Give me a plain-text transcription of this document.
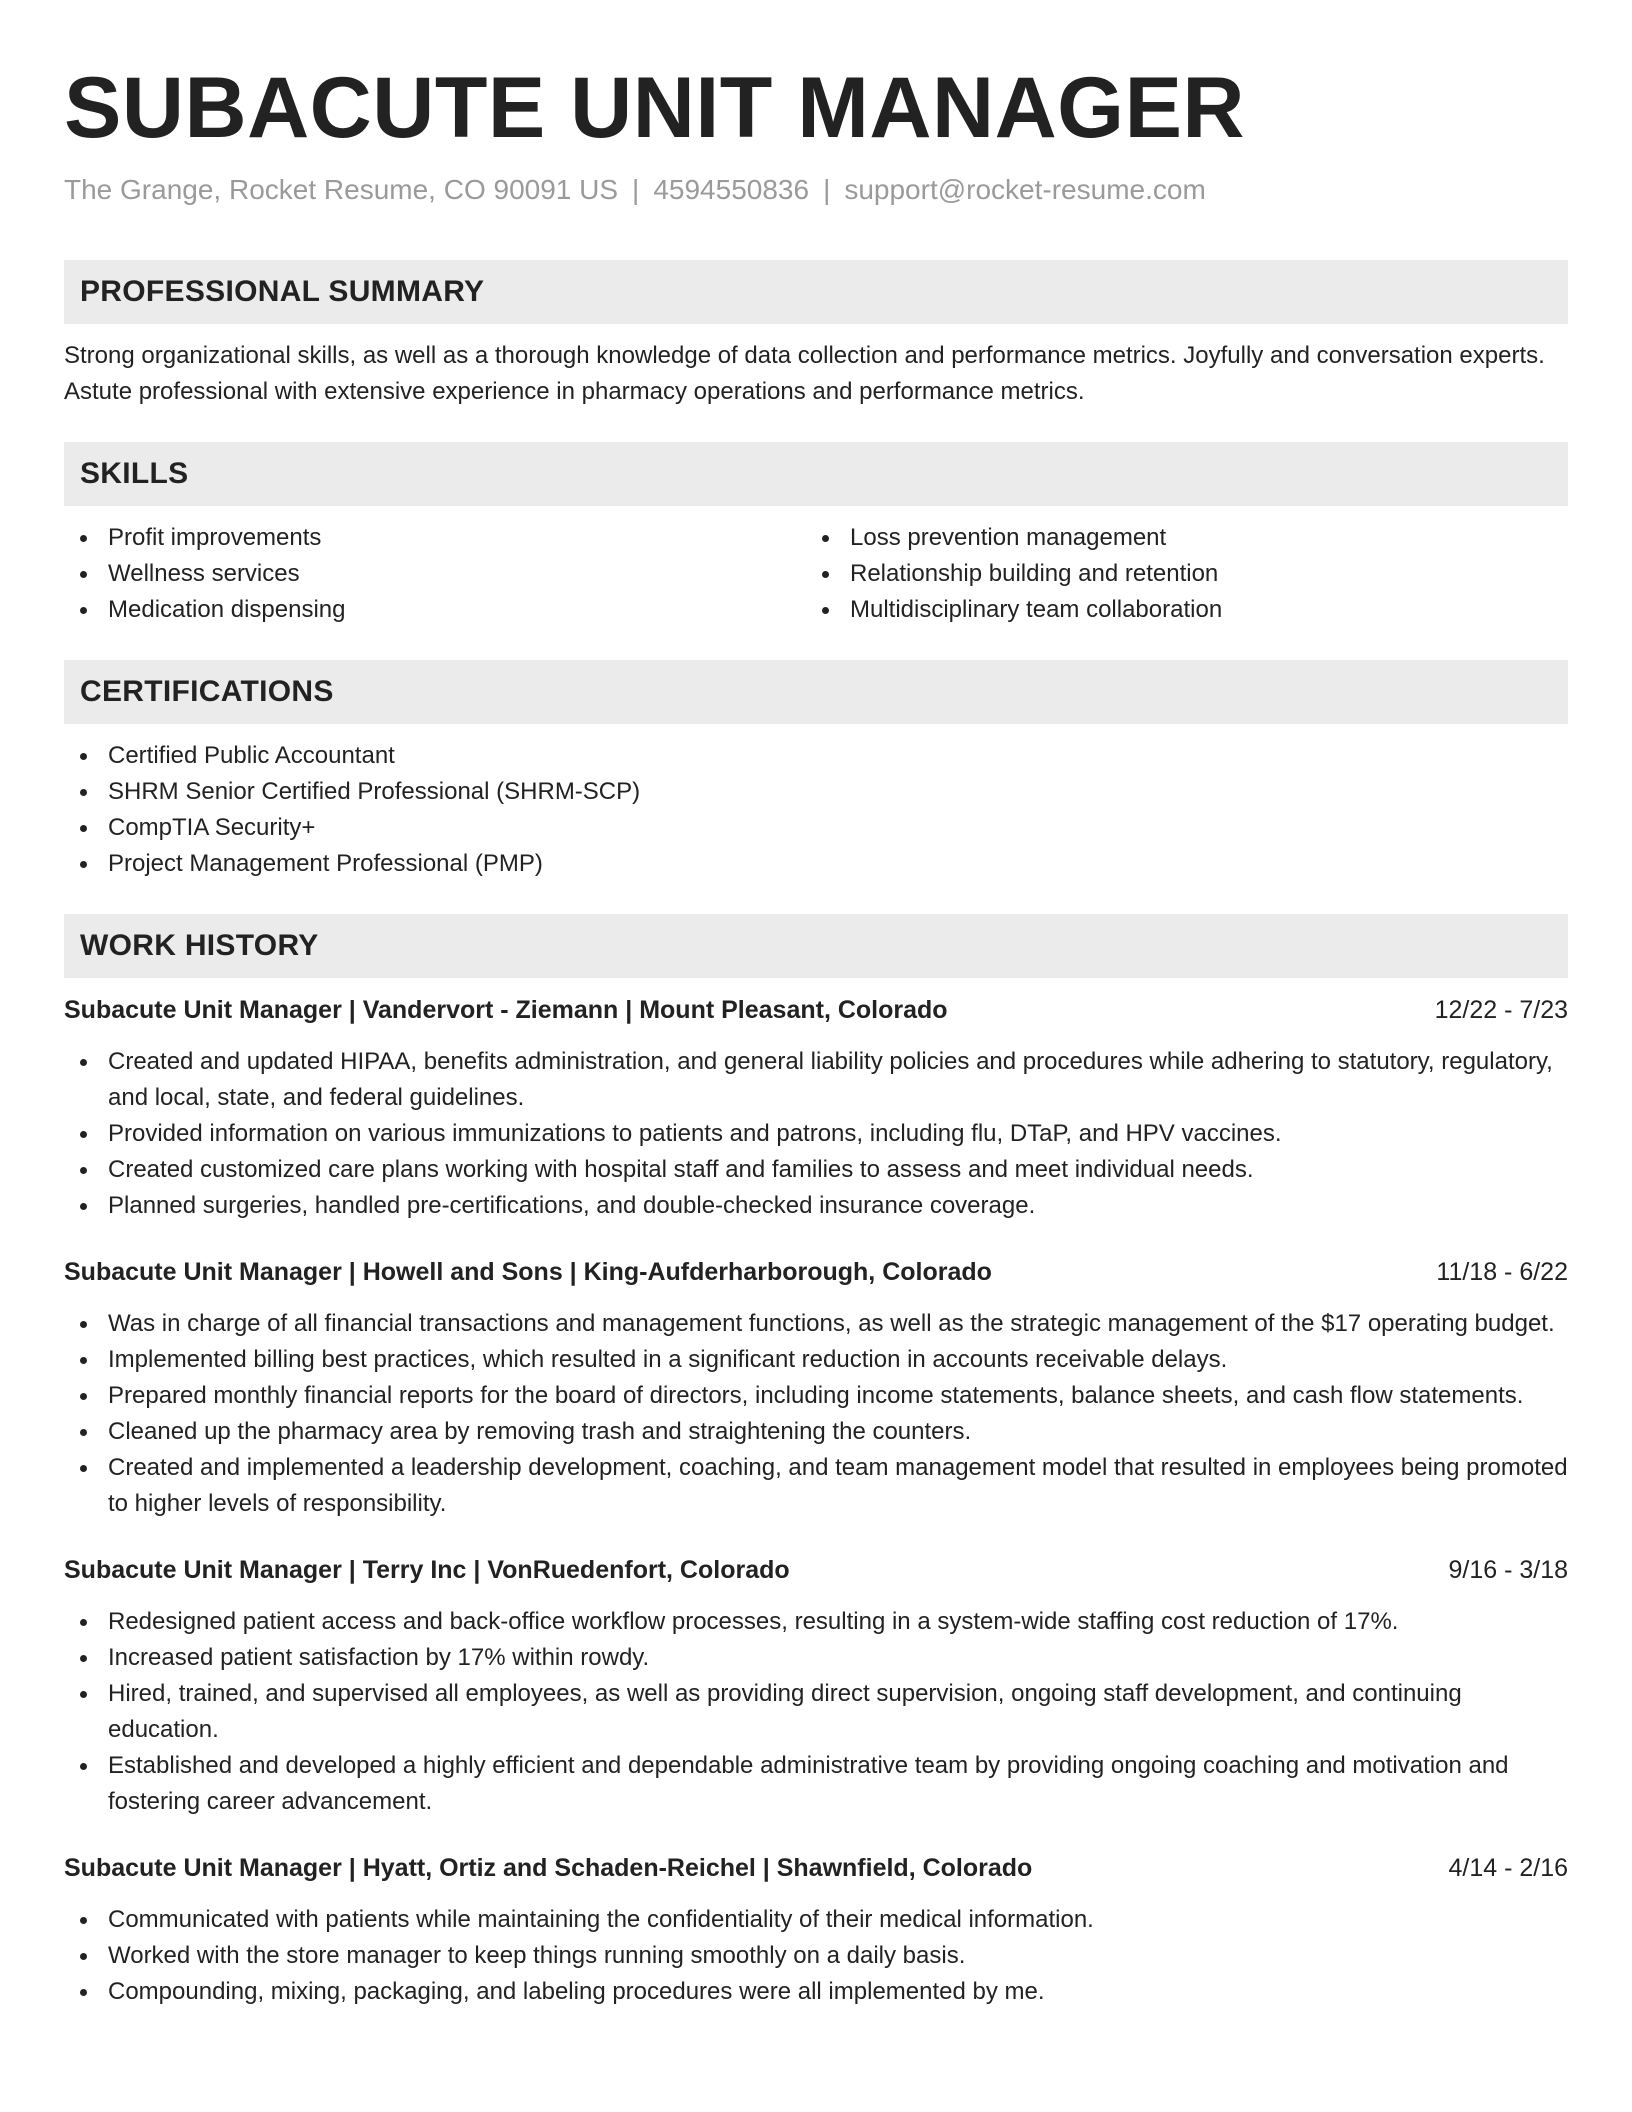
SUBACUTE UNIT MANAGER
The Grange, Rocket Resume, CO 90091 US | 4594550836 | support@rocket-resume.com
PROFESSIONAL SUMMARY
Strong organizational skills, as well as a thorough knowledge of data collection and performance metrics. Joyfully and conversation experts. Astute professional with extensive experience in pharmacy operations and performance metrics.
SKILLS
Profit improvements
Wellness services
Medication dispensing
Loss prevention management
Relationship building and retention
Multidisciplinary team collaboration
CERTIFICATIONS
Certified Public Accountant
SHRM Senior Certified Professional (SHRM-SCP)
CompTIA Security+
Project Management Professional (PMP)
WORK HISTORY
Subacute Unit Manager | Vandervort - Ziemann | Mount Pleasant, Colorado	12/22 - 7/23
Created and updated HIPAA, benefits administration, and general liability policies and procedures while adhering to statutory, regulatory, and local, state, and federal guidelines.
Provided information on various immunizations to patients and patrons, including flu, DTaP, and HPV vaccines.
Created customized care plans working with hospital staff and families to assess and meet individual needs.
Planned surgeries, handled pre-certifications, and double-checked insurance coverage.
Subacute Unit Manager | Howell and Sons | King-Aufderharborough, Colorado	11/18 - 6/22
Was in charge of all financial transactions and management functions, as well as the strategic management of the $17 operating budget.
Implemented billing best practices, which resulted in a significant reduction in accounts receivable delays.
Prepared monthly financial reports for the board of directors, including income statements, balance sheets, and cash flow statements.
Cleaned up the pharmacy area by removing trash and straightening the counters.
Created and implemented a leadership development, coaching, and team management model that resulted in employees being promoted to higher levels of responsibility.
Subacute Unit Manager | Terry Inc | VonRuedenfort, Colorado	9/16 - 3/18
Redesigned patient access and back-office workflow processes, resulting in a system-wide staffing cost reduction of 17%.
Increased patient satisfaction by 17% within rowdy.
Hired, trained, and supervised all employees, as well as providing direct supervision, ongoing staff development, and continuing education.
Established and developed a highly efficient and dependable administrative team by providing ongoing coaching and motivation and fostering career advancement.
Subacute Unit Manager | Hyatt, Ortiz and Schaden-Reichel | Shawnfield, Colorado	4/14 - 2/16
Communicated with patients while maintaining the confidentiality of their medical information.
Worked with the store manager to keep things running smoothly on a daily basis.
Compounding, mixing, packaging, and labeling procedures were all implemented by me.
